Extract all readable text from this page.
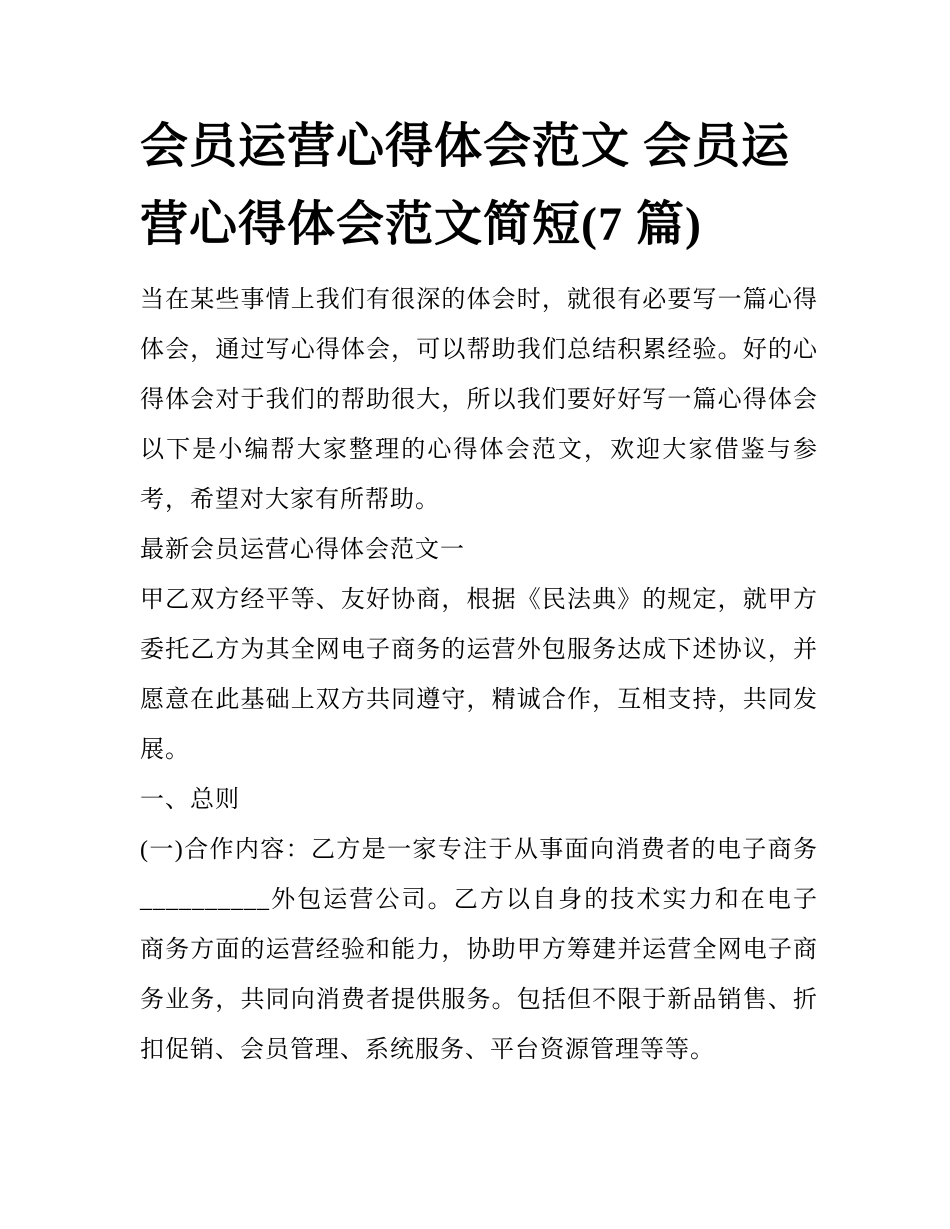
会员运营心得体会范文 会员运营心得体会范文简短(7 篇)

当在某些事情上我们有很深的体会时，就很有必要写一篇心得体会，通过写心得体会，可以帮助我们总结积累经验。好的心得体会对于我们的帮助很大，所以我们要好好写一篇心得体会以下是小编帮大家整理的心得体会范文，欢迎大家借鉴与参考，希望对大家有所帮助。

最新会员运营心得体会范文一

甲乙双方经平等、友好协商，根据《民法典》的规定，就甲方委托乙方为其全网电子商务的运营外包服务达成下述协议，并愿意在此基础上双方共同遵守，精诚合作，互相支持，共同发展。

一、总则

(一)合作内容：乙方是一家专注于从事面向消费者的电子商务__________外包运营公司。乙方以自身的技术实力和在电子商务方面的运营经验和能力，协助甲方筹建并运营全网电子商务业务，共同向消费者提供服务。包括但不限于新品销售、折扣促销、会员管理、系统服务、平台资源管理等等。
